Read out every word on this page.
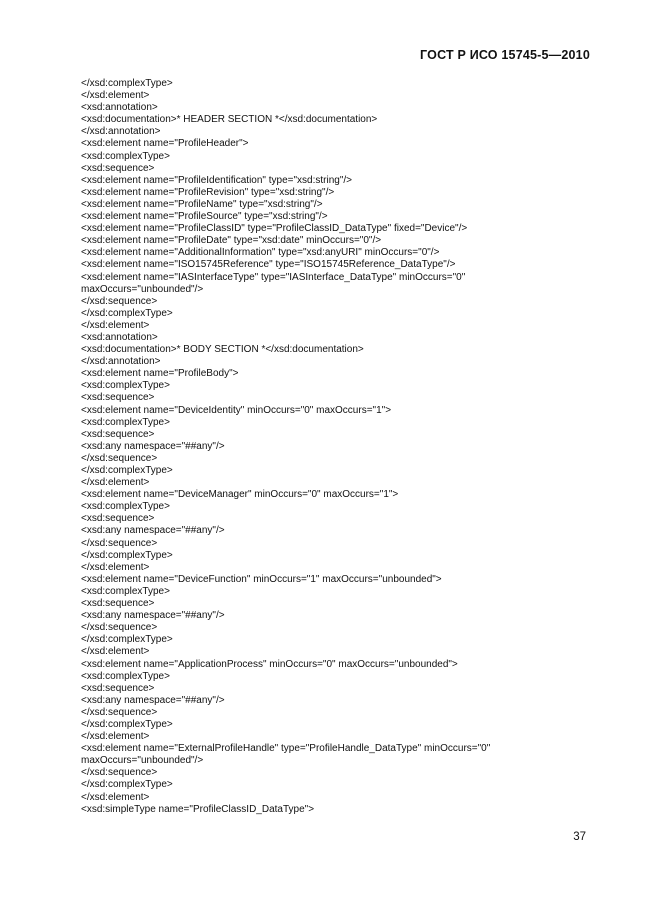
ГОСТ Р ИСО 15745-5—2010
</xsd:complexType>
</xsd:element>
<xsd:annotation>
<xsd:documentation>* HEADER SECTION *</xsd:documentation>
</xsd:annotation>
<xsd:element name="ProfileHeader">
<xsd:complexType>
<xsd:sequence>
<xsd:element name="ProfileIdentification" type="xsd:string"/>
<xsd:element name="ProfileRevision" type="xsd:string"/>
<xsd:element name="ProfileName" type="xsd:string"/>
<xsd:element name="ProfileSource" type="xsd:string"/>
<xsd:element name="ProfileClassID" type="ProfileClassID_DataType" fixed="Device"/>
<xsd:element name="ProfileDate" type="xsd:date" minOccurs="0"/>
<xsd:element name="AdditionalInformation" type="xsd:anyURI" minOccurs="0"/>
<xsd:element name="ISO15745Reference" type="ISO15745Reference_DataType"/>
<xsd:element name="IASInterfaceType" type="IASInterface_DataType" minOccurs="0"
maxOccurs="unbounded"/>
</xsd:sequence>
</xsd:complexType>
</xsd:element>
<xsd:annotation>
<xsd:documentation>* BODY SECTION *</xsd:documentation>
</xsd:annotation>
<xsd:element name="ProfileBody">
<xsd:complexType>
<xsd:sequence>
<xsd:element name="DeviceIdentity" minOccurs="0" maxOccurs="1">
<xsd:complexType>
<xsd:sequence>
<xsd:any namespace="##any"/>
</xsd:sequence>
</xsd:complexType>
</xsd:element>
<xsd:element name="DeviceManager" minOccurs="0" maxOccurs="1">
<xsd:complexType>
<xsd:sequence>
<xsd:any namespace="##any"/>
</xsd:sequence>
</xsd:complexType>
</xsd:element>
<xsd:element name="DeviceFunction" minOccurs="1" maxOccurs="unbounded">
<xsd:complexType>
<xsd:sequence>
<xsd:any namespace="##any"/>
</xsd:sequence>
</xsd:complexType>
</xsd:element>
<xsd:element name="ApplicationProcess" minOccurs="0" maxOccurs="unbounded">
<xsd:complexType>
<xsd:sequence>
<xsd:any namespace="##any"/>
</xsd:sequence>
</xsd:complexType>
</xsd:element>
<xsd:element name="ExternalProfileHandle" type="ProfileHandle_DataType" minOccurs="0"
maxOccurs="unbounded"/>
</xsd:sequence>
</xsd:complexType>
</xsd:element>
<xsd:simpleType name="ProfileClassID_DataType">
37
